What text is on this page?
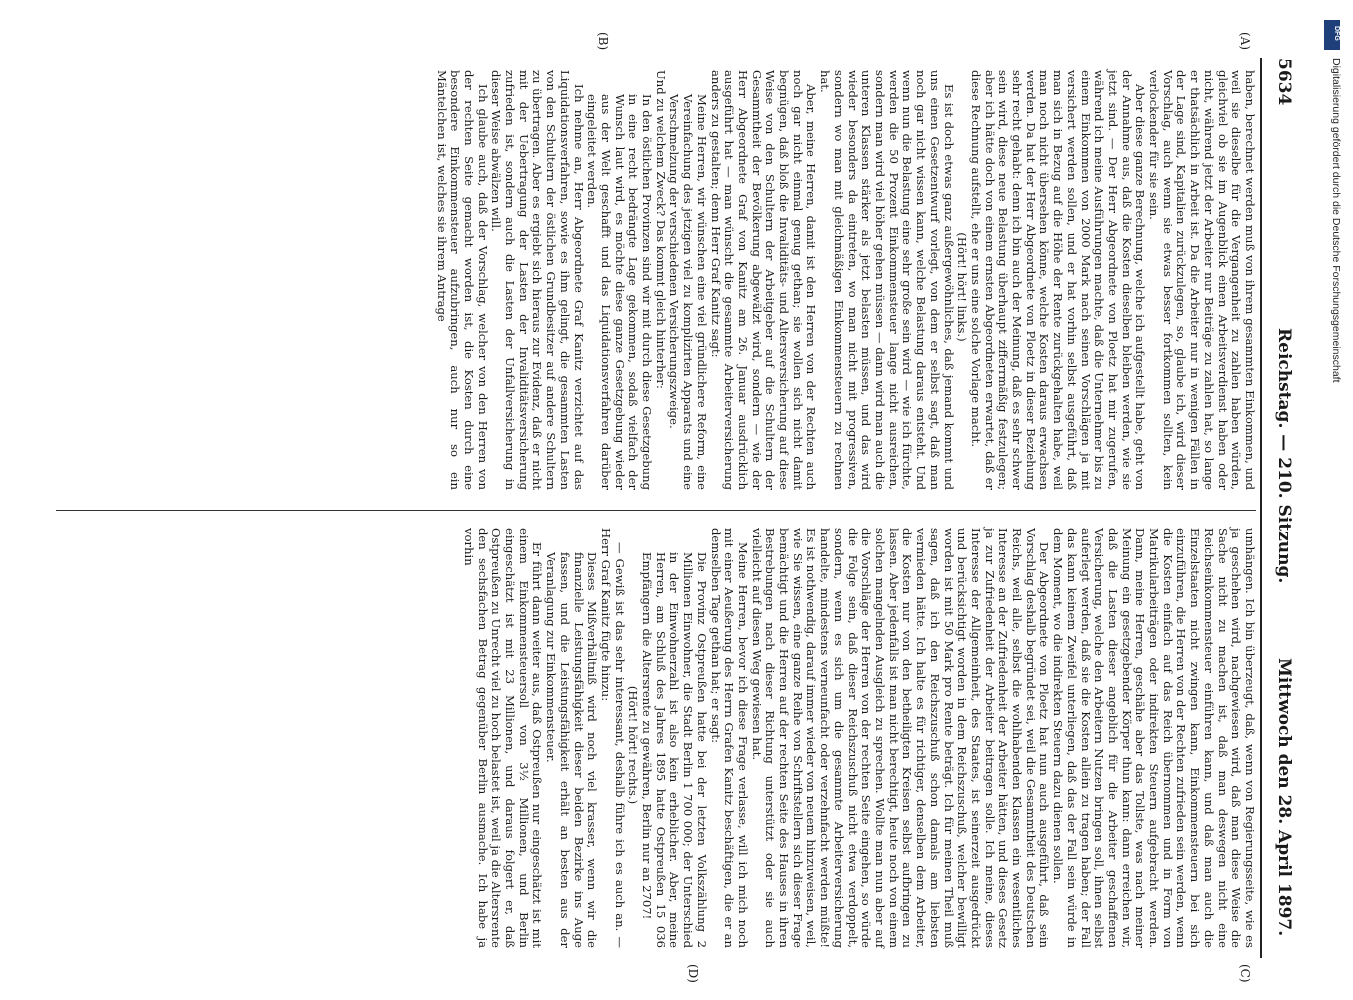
5634
Reichstag. — 210. Sitzung.
Mittwoch den 28. April 1897.
(A)
(B)
(C)
(D)

haben, berechnet werden muß von ihrem gesammten Einkommen, und weil sie dieselbe für die Vergangenheit zu zahlen haben würden, gleichviel ob sie im Augenblick einen Arbeitsverdienst haben oder nicht, während jetzt der Arbeiter nur Beiträge zu zahlen hat, so lange er thatsächlich in Arbeit ist. Da die Arbeiter nur in wenigen Fällen in der Lage sind, Kapitalien zurückzulegen, so, glaube ich, wird dieser Vorschlag, auch wenn sie etwas besser fortkommen sollten, kein verlockender für sie sein.

Aber diese ganze Berechnung, welche ich aufgestellt habe, geht von der Annahme aus, daß die Kosten dieselben bleiben werden, wie sie jetzt sind. — Der Herr Abgeordnete von Ploetz hat mir zugerufen, während ich meine Ausführungen machte, daß die Unternehmer bis zu einem Einkommen von 2000 Mark nach seinen Vorschlägen ja mit versichert werden sollen, und er hat vorhin selbst ausgeführt, daß man sich in Bezug auf die Höhe der Rente zurückgehalten habe, weil man noch nicht übersehen könne, welche Kosten daraus erwachsen werden. Da hat der Herr Abgeordnete von Ploetz in dieser Beziehung sehr recht gehabt: denn ich bin auch der Meinung, daß es sehr schwer sein wird, diese neue Belastung überhaupt zifferrmäßig festzulegen; aber ich hätte doch von einem ernsten Abgeordneten erwartet, daß er diese Rechnung aufstellt, ehe er uns eine solche Vorlage macht.

(Hört! hört! links.)

Es ist doch etwas ganz außergewöhnliches, daß jemand kommt und uns einen Gesetzentwurf vorlegt, von dem er selbst sagt, daß man noch gar nicht wissen kann, welche Belastung daraus entsteht. Und wenn nun die Belastung eine sehr große sein wird — wie ich fürchte, werden die 50 Prozent Einkommensteuer lange nicht ausreichen, sondern man wird viel höher gehen müssen — dann wird man auch die unteren Klassen stärker als jetzt belasten müssen, und das wird wieder besonders da eintreten, wo man nicht mit progressiven, sondern wo man mit gleichmäßigen Einkommensteuern zu rechnen hat.

Aber, meine Herren, damit ist den Herren von der Rechten auch noch gar nicht einmal genug gethan; sie wollen sich nicht damit begnügen, daß bloß die Invaliditäts- und Altersversicherung auf diese Weise von den Schultern der Arbeitgeber auf die Schultern der Gesammtheit der Bevölkerung abgewälzt wird, sondern — wie der Herr Abgeordnete Graf von Kanitz am 26. Januar ausdrücklich ausgeführt hat — man wünscht die gesammte Arbeiterversicherung anders zu gestalten; denn Herr Graf Kanitz sagt:

Meine Herren, wir wünschen eine viel gründlichere Reform, eine Vereinfachung des jetzigen viel zu komplizirten Apparats und eine Verschmelzung der verschiedenen Versicherungszweige.

Und zu welchem Zweck? Das kommt gleich hinterher:

In den östlichen Provinzen sind wir mit durch diese Gesetzgebung in eine recht bedrängte Lage gekommen, sodaß vielfach der Wunsch laut wird, es möchte diese ganze Gesetzgebung wieder aus der Welt geschafft und das Liquidationsverfahren darüber eingeleitet werden.

Ich nehme an, Herr Abgeordnete Graf Kanitz verzichtet auf das Liquidationsverfahren, sowie es ihm gelingt, die gesammten Lasten von den Schultern der östlichen Grundbesitzer auf andere Schultern zu übertragen. Aber es ergiebt sich hieraus zur Evidenz, daß er nicht mit der Uebertragung der Lasten der Invaliditätsversicherung zufrieden ist, sondern auch die Lasten der Unfallversicherung in dieser Weise abwälzen will.

Ich glaube auch, daß der Vorschlag, welcher von den Herren von der rechten Seite gemacht worden ist, die Kosten durch eine besondere Einkommensteuer aufzubringen, auch nur so ein Mäntelchen ist, welches sie ihrem Antrage

umhängen. Ich bin überzeugt, daß, wenn von Regierungsseite, wie es ja geschehen wird, nachgewiesen wird, daß man diese Weise die Sache nicht zu machen ist, daß man deswegen nicht eine Reichseinkommensteuer einführen kann, und daß man auch die Einzelstaaten nicht zwingen kann, Einkommensteuern bei sich einzuführen, die Herren von der Rechten zufrieden sein werden, wenn die Kosten einfach auf das Reich übernommen und in Form von Matrikularbeiträgen oder indirekten Steuern aufgebracht werden. Dann, meine Herren, geschähe aber das Tollste, was nach meiner Meinung ein gesetzgebender Körper thun kann: dann erreichen wir, daß die Lasten dieser angeblich für die Arbeiter geschaffenen Versicherung, welche den Arbeitern Nutzen bringen soll, ihnen selbst auferlegt werden, daß sie die Kosten allein zu tragen haben; der Fall das kann keinem Zweifel unterliegen, daß das der Fall sein würde in dem Moment, wo die indirekten Steuern dazu dienen sollen.

Der Abgeordnete von Ploetz hat nun auch ausgeführt, daß sein Vorschlag deshalb begründet sei, weil die Gesammtheit des Deutschen Reichs, weil alle, selbst die wohlhabenden Klassen ein wesentliches Interesse an der Zufriedenheit der Arbeiter hätten, und dieses Gesetz ja zur Zufriedenheit der Arbeiter beitragen solle. Ich meine, dieses Interesse der Allgemeinheit, des Staates, ist seinerzeit ausgedrückt und berücksichtigt worden in dem Reichszuschuß, welcher bewilligt worden ist mit 50 Mark pro Rente beträgt. Ich für meinen Theil muß sagen, daß ich den Reichszuschuß schon damals am liebsten vermieden hätte. Ich halte es für richtiger, denselben dem Arbeiter, die Kosten nur von den betheiligten Kreisen selbst aufbringen zu lassen. Aber jedenfalls ist man nicht berechtigt, heute noch von einem solchen mangelnden Ausgleich zu sprechen. Wollte man nun aber auf die Vorschläge der Herren von der rechten Seite eingehen, so würde die Folge sein, daß dieser Reichszuschuß nicht etwa verdoppelt, sondern, wenn es sich um die gesammte Arbeiterversicherung handelte, mindestens verneunfacht oder verzehnfacht werden müßte! Es ist nothwendig, darauf immer wieder von neuem hinzuweisen, weil, wie Sie wissen, eine ganze Reihe von Schriftstellern sich dieser Frage bemächtigt und die Herren auf der rechten Seite des Hauses in ihren Bestrebungen nach dieser Richtung unterstützt oder sie auch vielleicht auf diesen Weg gewiesen hat.

Meine Herren, bevor ich diese Frage verlasse, will ich mich noch mit einer Aeußerung des Herrn Grafen Kanitz beschäftigen, die er an demselben Tage gethan hat; er sagt:

Die Provinz Ostpreußen hatte bei der letzten Volkszählung 2 Millionen Einwohner, die Stadt Berlin 1 700 000; der Unterschied in der Einwohnerzahl ist also kein erheblicher. Aber, meine Herren, am Schluß des Jahres 1895 hatte Ostpreußen 15 036 Empfängern die Altersrente zu gewähren, Berlin nur an 2707!

(Hört! hört! rechts.)

— Gewiß ist das sehr interessant, deshalb führe ich es auch an. — Herr Graf Kanitz fügte hinzu:

Dieses Mißverhältniß wird noch viel krasser, wenn wir die finanzielle Leistungsfähigkeit dieser beiden Bezirke ins Auge fassen, und die Leistungsfähigkeit erhält an besten aus der Veranlagung zur Einkommensteuer.

Er führt dann weiter aus, daß Ostpreußen nur eingeschätzt ist mit einem Einkommensteuersoll von 3½ Millionen, und Berlin eingeschätzt ist mit 23 Millionen, und daraus folgert er, daß Ostpreußen zu Unrecht viel zu hoch belastet ist, weil ja die Altersrente den sechsfachen Betrag gegenüber Berlin ausmache. Ich habe ja vorhin

DFG
Digitalisierung gefördert durch die Deutsche Forschungsgemeinschaft
